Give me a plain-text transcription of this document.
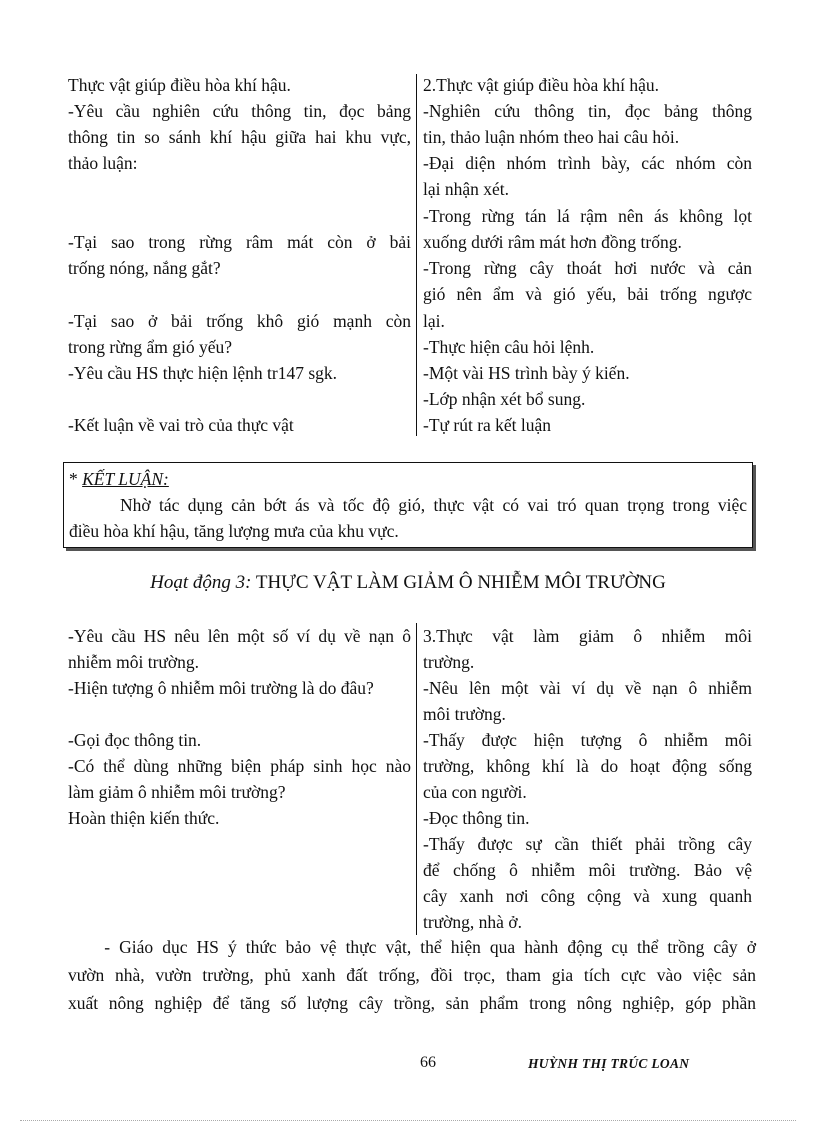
Thực vật giúp điều hòa khí hậu.
-Yêu cầu nghiên cứu thông tin, đọc bảng
thông tin so sánh khí hậu giữa hai khu vực,
thảo luận:
-Tại sao trong rừng râm mát còn ở bải
trống nóng, nắng gắt?
-Tại sao ở bải trống khô gió mạnh còn
trong rừng ẩm gió yếu?
-Yêu cầu HS thực hiện lệnh tr147 sgk.
-Kết luận về vai trò của thực vật
2.Thực vật giúp điều hòa khí hậu.
-Nghiên cứu thông tin, đọc bảng thông
tin, thảo luận nhóm theo hai câu hỏi.
-Đại diện nhóm trình bày, các nhóm còn
lại nhận xét.
-Trong rừng tán lá rậm nên ás không lọt
xuống dưới râm mát hơn đồng trống.
-Trong rừng cây thoát hơi nước và cản
gió nên ẩm và gió yếu, bải trống ngược
lại.
-Thực hiện câu hỏi lệnh.
-Một vài HS trình bày ý kiến.
-Lớp nhận xét bổ sung.
-Tự rút ra kết luận
* KẾT LUẬN:
Nhờ tác dụng cản bớt ás và tốc độ gió, thực vật có vai tró quan trọng trong việc
điều hòa khí hậu, tăng lượng mưa của khu vực.
Hoạt động 3: THỰC VẬT LÀM GIẢM Ô NHIỄM MÔI TRƯỜNG
-Yêu cầu HS nêu lên một số ví dụ về nạn ô
nhiễm môi trường.
-Hiện tượng ô nhiễm môi trường là do đâu?
-Gọi đọc thông tin.
-Có thể dùng những biện pháp sinh học nào
làm giảm ô nhiễm môi trường?
Hoàn thiện kiến thức.
3.Thực vật làm giảm ô nhiễm môi
trường.
-Nêu lên một vài ví dụ về nạn ô nhiễm
môi trường.
-Thấy được hiện tượng ô nhiễm môi
trường, không khí là do hoạt động sống
của con người.
-Đọc thông tin.
-Thấy được sự cần thiết phải trồng cây
để chống ô nhiễm môi trường. Bảo vệ
cây xanh nơi công cộng và xung quanh
trường, nhà ở.
- Giáo dục HS ý thức bảo vệ thực vật, thể hiện qua hành động cụ thể trồng cây ở
vườn nhà, vườn trường, phủ xanh đất trống, đồi trọc, tham gia tích cực vào việc sản
xuất nông nghiệp để tăng số lượng cây trồng, sản phẩm trong nông nghiệp, góp phần
66	HUỲNH THỊ TRÚC LOAN
